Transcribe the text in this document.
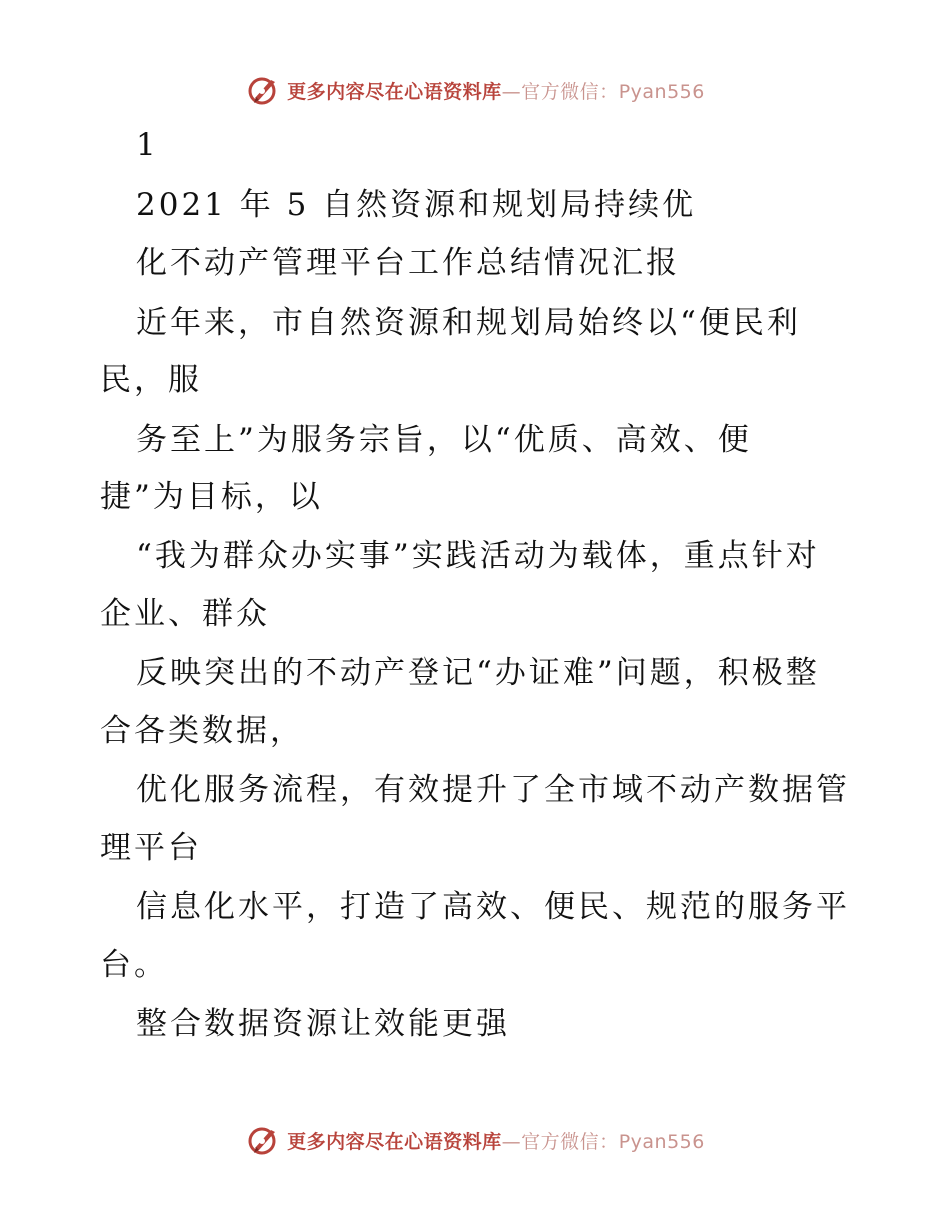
更多内容尽在心语资料库—官方微信：Pyan556
1
2021 年 5 自然资源和规划局持续优
化不动产管理平台工作总结情况汇报
近年来，市自然资源和规划局始终以“便民利
民，服
务至上”为服务宗旨，以“优质、高效、便
捷”为目标，以
“我为群众办实事”实践活动为载体，重点针对
企业、群众
反映突出的不动产登记“办证难”问题，积极整
合各类数据，
优化服务流程，有效提升了全市域不动产数据管
理平台
信息化水平，打造了高效、便民、规范的服务平
台。
整合数据资源让效能更强
更多内容尽在心语资料库—官方微信：Pyan556
